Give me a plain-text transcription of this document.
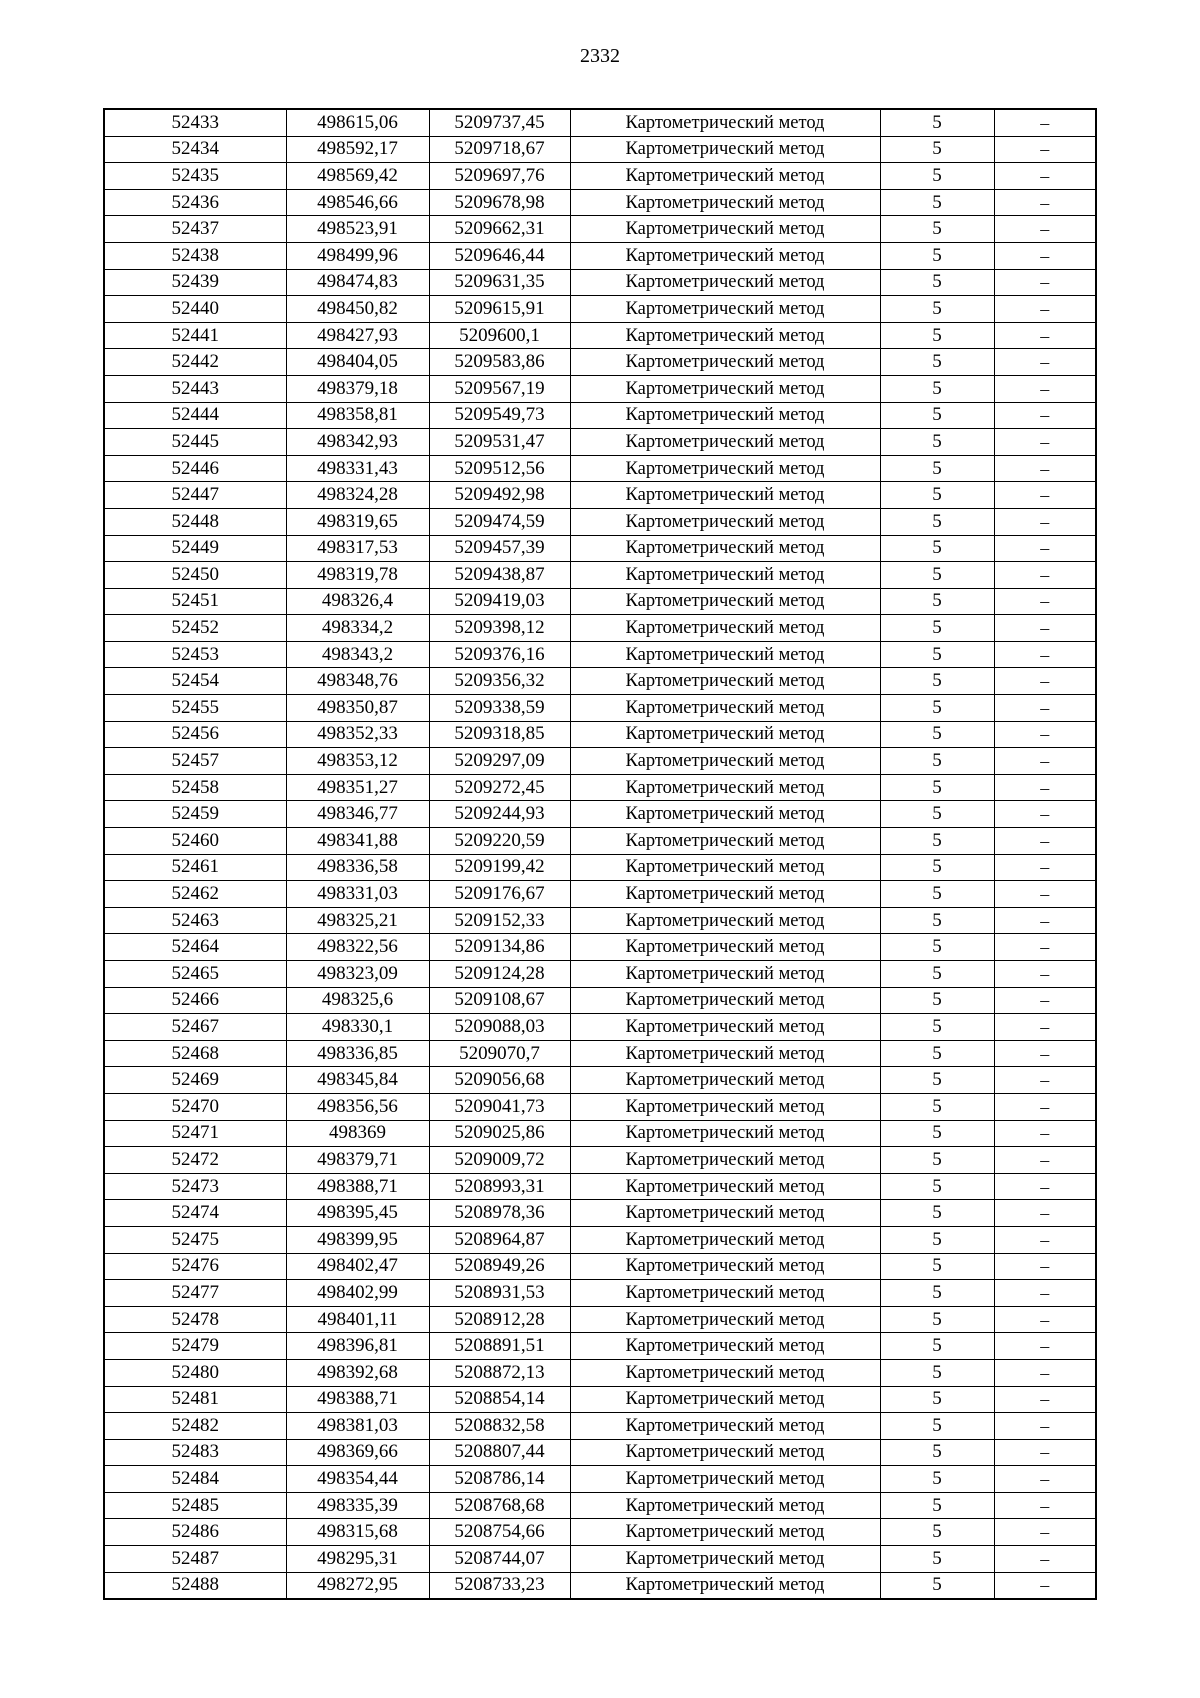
2332
52433	498615,06	5209737,45	Картометрический метод	5	–
52434	498592,17	5209718,67	Картометрический метод	5	–
52435	498569,42	5209697,76	Картометрический метод	5	–
52436	498546,66	5209678,98	Картометрический метод	5	–
52437	498523,91	5209662,31	Картометрический метод	5	–
52438	498499,96	5209646,44	Картометрический метод	5	–
52439	498474,83	5209631,35	Картометрический метод	5	–
52440	498450,82	5209615,91	Картометрический метод	5	–
52441	498427,93	5209600,1	Картометрический метод	5	–
52442	498404,05	5209583,86	Картометрический метод	5	–
52443	498379,18	5209567,19	Картометрический метод	5	–
52444	498358,81	5209549,73	Картометрический метод	5	–
52445	498342,93	5209531,47	Картометрический метод	5	–
52446	498331,43	5209512,56	Картометрический метод	5	–
52447	498324,28	5209492,98	Картометрический метод	5	–
52448	498319,65	5209474,59	Картометрический метод	5	–
52449	498317,53	5209457,39	Картометрический метод	5	–
52450	498319,78	5209438,87	Картометрический метод	5	–
52451	498326,4	5209419,03	Картометрический метод	5	–
52452	498334,2	5209398,12	Картометрический метод	5	–
52453	498343,2	5209376,16	Картометрический метод	5	–
52454	498348,76	5209356,32	Картометрический метод	5	–
52455	498350,87	5209338,59	Картометрический метод	5	–
52456	498352,33	5209318,85	Картометрический метод	5	–
52457	498353,12	5209297,09	Картометрический метод	5	–
52458	498351,27	5209272,45	Картометрический метод	5	–
52459	498346,77	5209244,93	Картометрический метод	5	–
52460	498341,88	5209220,59	Картометрический метод	5	–
52461	498336,58	5209199,42	Картометрический метод	5	–
52462	498331,03	5209176,67	Картометрический метод	5	–
52463	498325,21	5209152,33	Картометрический метод	5	–
52464	498322,56	5209134,86	Картометрический метод	5	–
52465	498323,09	5209124,28	Картометрический метод	5	–
52466	498325,6	5209108,67	Картометрический метод	5	–
52467	498330,1	5209088,03	Картометрический метод	5	–
52468	498336,85	5209070,7	Картометрический метод	5	–
52469	498345,84	5209056,68	Картометрический метод	5	–
52470	498356,56	5209041,73	Картометрический метод	5	–
52471	498369	5209025,86	Картометрический метод	5	–
52472	498379,71	5209009,72	Картометрический метод	5	–
52473	498388,71	5208993,31	Картометрический метод	5	–
52474	498395,45	5208978,36	Картометрический метод	5	–
52475	498399,95	5208964,87	Картометрический метод	5	–
52476	498402,47	5208949,26	Картометрический метод	5	–
52477	498402,99	5208931,53	Картометрический метод	5	–
52478	498401,11	5208912,28	Картометрический метод	5	–
52479	498396,81	5208891,51	Картометрический метод	5	–
52480	498392,68	5208872,13	Картометрический метод	5	–
52481	498388,71	5208854,14	Картометрический метод	5	–
52482	498381,03	5208832,58	Картометрический метод	5	–
52483	498369,66	5208807,44	Картометрический метод	5	–
52484	498354,44	5208786,14	Картометрический метод	5	–
52485	498335,39	5208768,68	Картометрический метод	5	–
52486	498315,68	5208754,66	Картометрический метод	5	–
52487	498295,31	5208744,07	Картометрический метод	5	–
52488	498272,95	5208733,23	Картометрический метод	5	–
